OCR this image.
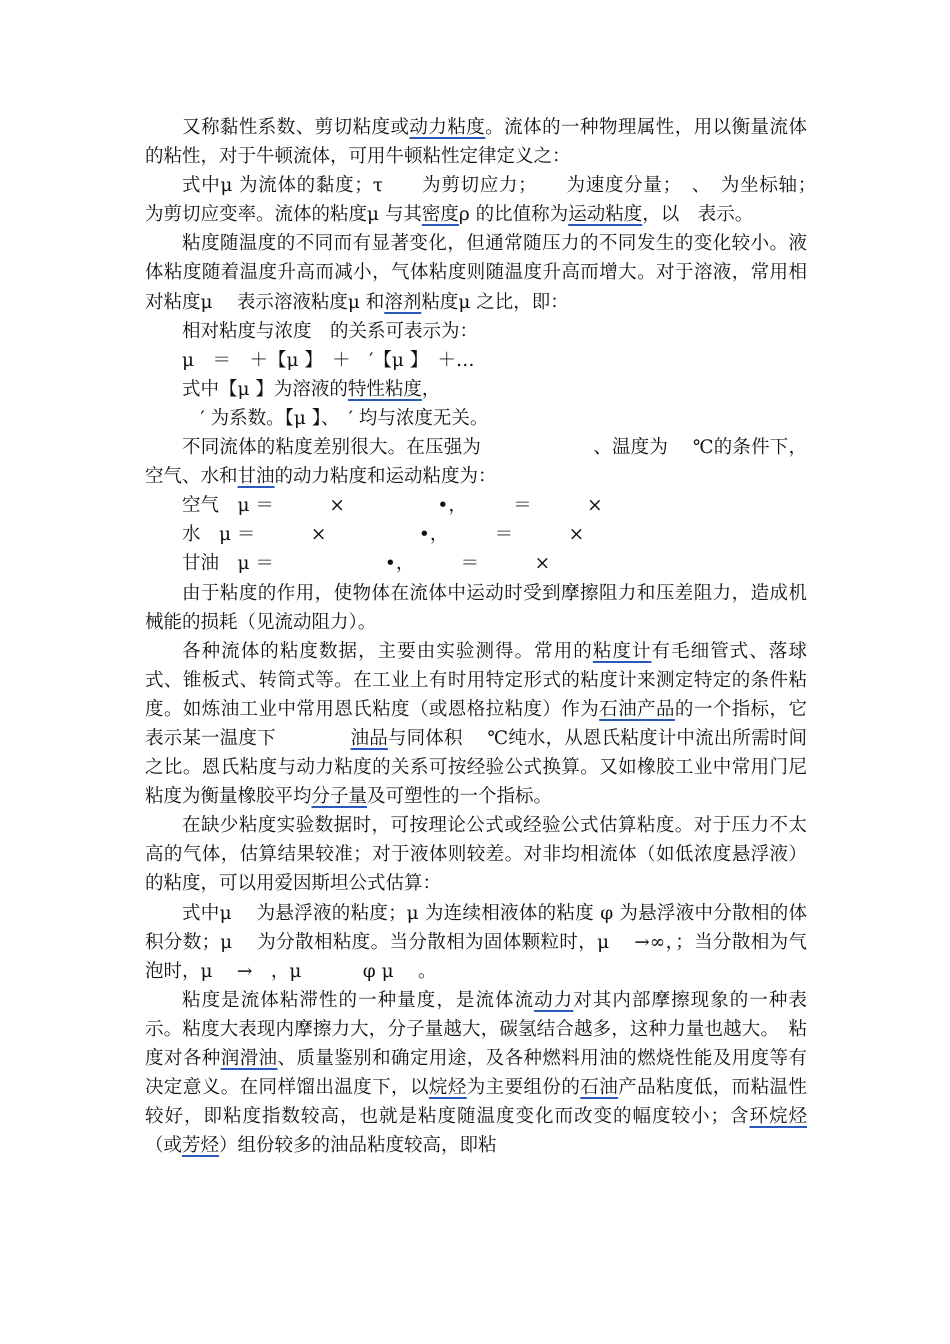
又称黏性系数、剪切粘度或动力粘度。流体的一种物理属性，用以衡量流体的粘性，对于牛顿流体，可用牛顿粘性定律定义之：

式中μ 为流体的黏度；τ　　为剪切应力；　　为速度分量；　、　为坐标轴；　　　　为剪切应变率。流体的粘度μ 与其密度ρ 的比值称为运动粘度，以　表示。

粘度随温度的不同而有显著变化，但通常随压力的不同发生的变化较小。液体粘度随着温度升高而减小，气体粘度则随温度升高而增大。对于溶液，常用相对粘度μ　 表示溶液粘度μ 和溶剂粘度μ 之比，即：

相对粘度与浓度　的关系可表示为：

μ　＝　＋【μ 】　＋　′【μ 】　＋…

式中【μ 】为溶液的特性粘度，

　′ 为系数。【μ 】、　′ 均与浓度无关。

不同流体的粘度差别很大。在压强为　　　　　　、温度为　 ℃的条件下，空气、水和甘油的动力粘度和运动粘度为：

空气　μ ＝　　　×　　　　　•，　　　＝　　　×

水　μ ＝　　　×　　　　　•，　　　＝　　　×

甘油　μ ＝　　　　　　•，　　　＝　　　×

由于粘度的作用，使物体在流体中运动时受到摩擦阻力和压差阻力，造成机械能的损耗（见流动阻力）。

各种流体的粘度数据，主要由实验测得。常用的粘度计有毛细管式、落球式、锥板式、转筒式等。在工业上有时用特定形式的粘度计来测定特定的条件粘度。如炼油工业中常用恩氏粘度（或恩格拉粘度）作为石油产品的一个指标，它表示某一温度下　　　　油品与同体积　 ℃纯水，从恩氏粘度计中流出所需时间之比。恩氏粘度与动力粘度的关系可按经验公式换算。又如橡胶工业中常用门尼粘度为衡量橡胶平均分子量及可塑性的一个指标。

在缺少粘度实验数据时，可按理论公式或经验公式估算粘度。对于压力不太高的气体，估算结果较准；对于液体则较差。对非均相流体（如低浓度悬浮液）的粘度，可以用爱因斯坦公式估算：

式中μ 　为悬浮液的粘度；μ 为连续相液体的粘度 φ 为悬浮液中分散相的体积分数；μ 　为分散相粘度。当分散相为固体颗粒时，μ 　→∞，；当分散相为气泡时，μ 　→　，μ 　　　φ μ 　。

粘度是流体粘滞性的一种量度，是流体流动力对其内部摩擦现象的一种表示。粘度大表现内摩擦力大，分子量越大，碳氢结合越多，这种力量也越大。　粘度对各种润滑油、质量鉴别和确定用途，及各种燃料用油的燃烧性能及用度等有决定意义。在同样馏出温度下，以烷烃为主要组份的石油产品粘度低，而粘温性较好，即粘度指数较高，也就是粘度随温度变化而改变的幅度较小；含环烷烃（或芳烃）组份较多的油品粘度较高，即粘
